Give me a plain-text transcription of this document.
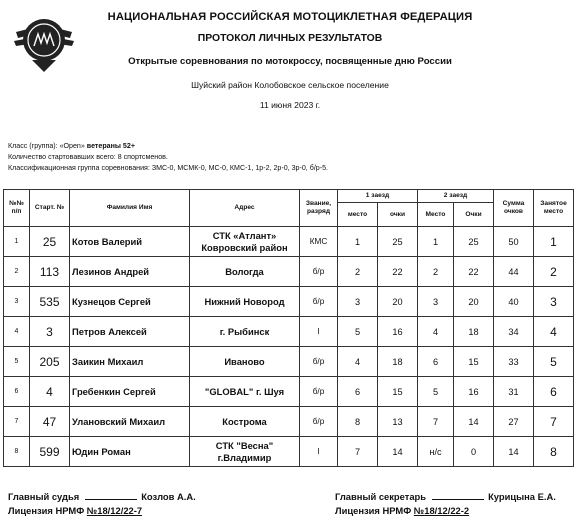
НАЦИОНАЛЬНАЯ РОССИЙСКАЯ МОТОЦИКЛЕТНАЯ ФЕДЕРАЦИЯ
ПРОТОКОЛ ЛИЧНЫХ РЕЗУЛЬТАТОВ
Открытые соревнования по мотокроссу, посвященные дню России
Шуйский район Колобовское сельское поселение
11 июня 2023 г.
Класс (группа): «Open» ветераны 52+
Количество стартовавших всего: 8 спортсменов.
Классификационная группа соревнования: ЗМС-0, МСМК-0, МС-0, КМС-1, 1р-2, 2р-0, 3р-0, б/р-5.
№№ п/п	Старт. №	Фамилия Имя	Адрес	Звание, разряд	1 заезд		2 заезд		Сумма очков	Занятое место
					место	очки	Место	Очки		
1	25	Котов Валерий	СТК «Атлант» Ковровский район	КМС	1	25	1	25	50	1
2	113	Лезинов Андрей	Вологда	б/р	2	22	2	22	44	2
3	535	Кузнецов Сергей	Нижний Новород	б/р	3	20	3	20	40	3
4	3	Петров Алексей	г. Рыбинск	I	5	16	4	18	34	4
5	205	Заикин Михаил	Иваново	б/р	4	18	6	15	33	5
6	4	Гребенкин Сергей	"GLOBAL" г. Шуя	б/р	6	15	5	16	31	6
7	47	Улановский Михаил	Кострома	б/р	8	13	7	14	27	7
8	599	Юдин Роман	СТК "Весна" г.Владимир	I	7	14	н/с	0	14	8
Главный судья	Козлов А.А.
Лицензия НРМФ №18/12/22-7
Главный секретарь	Курицына Е.А.
Лицензия НРМФ №18/12/22-2
